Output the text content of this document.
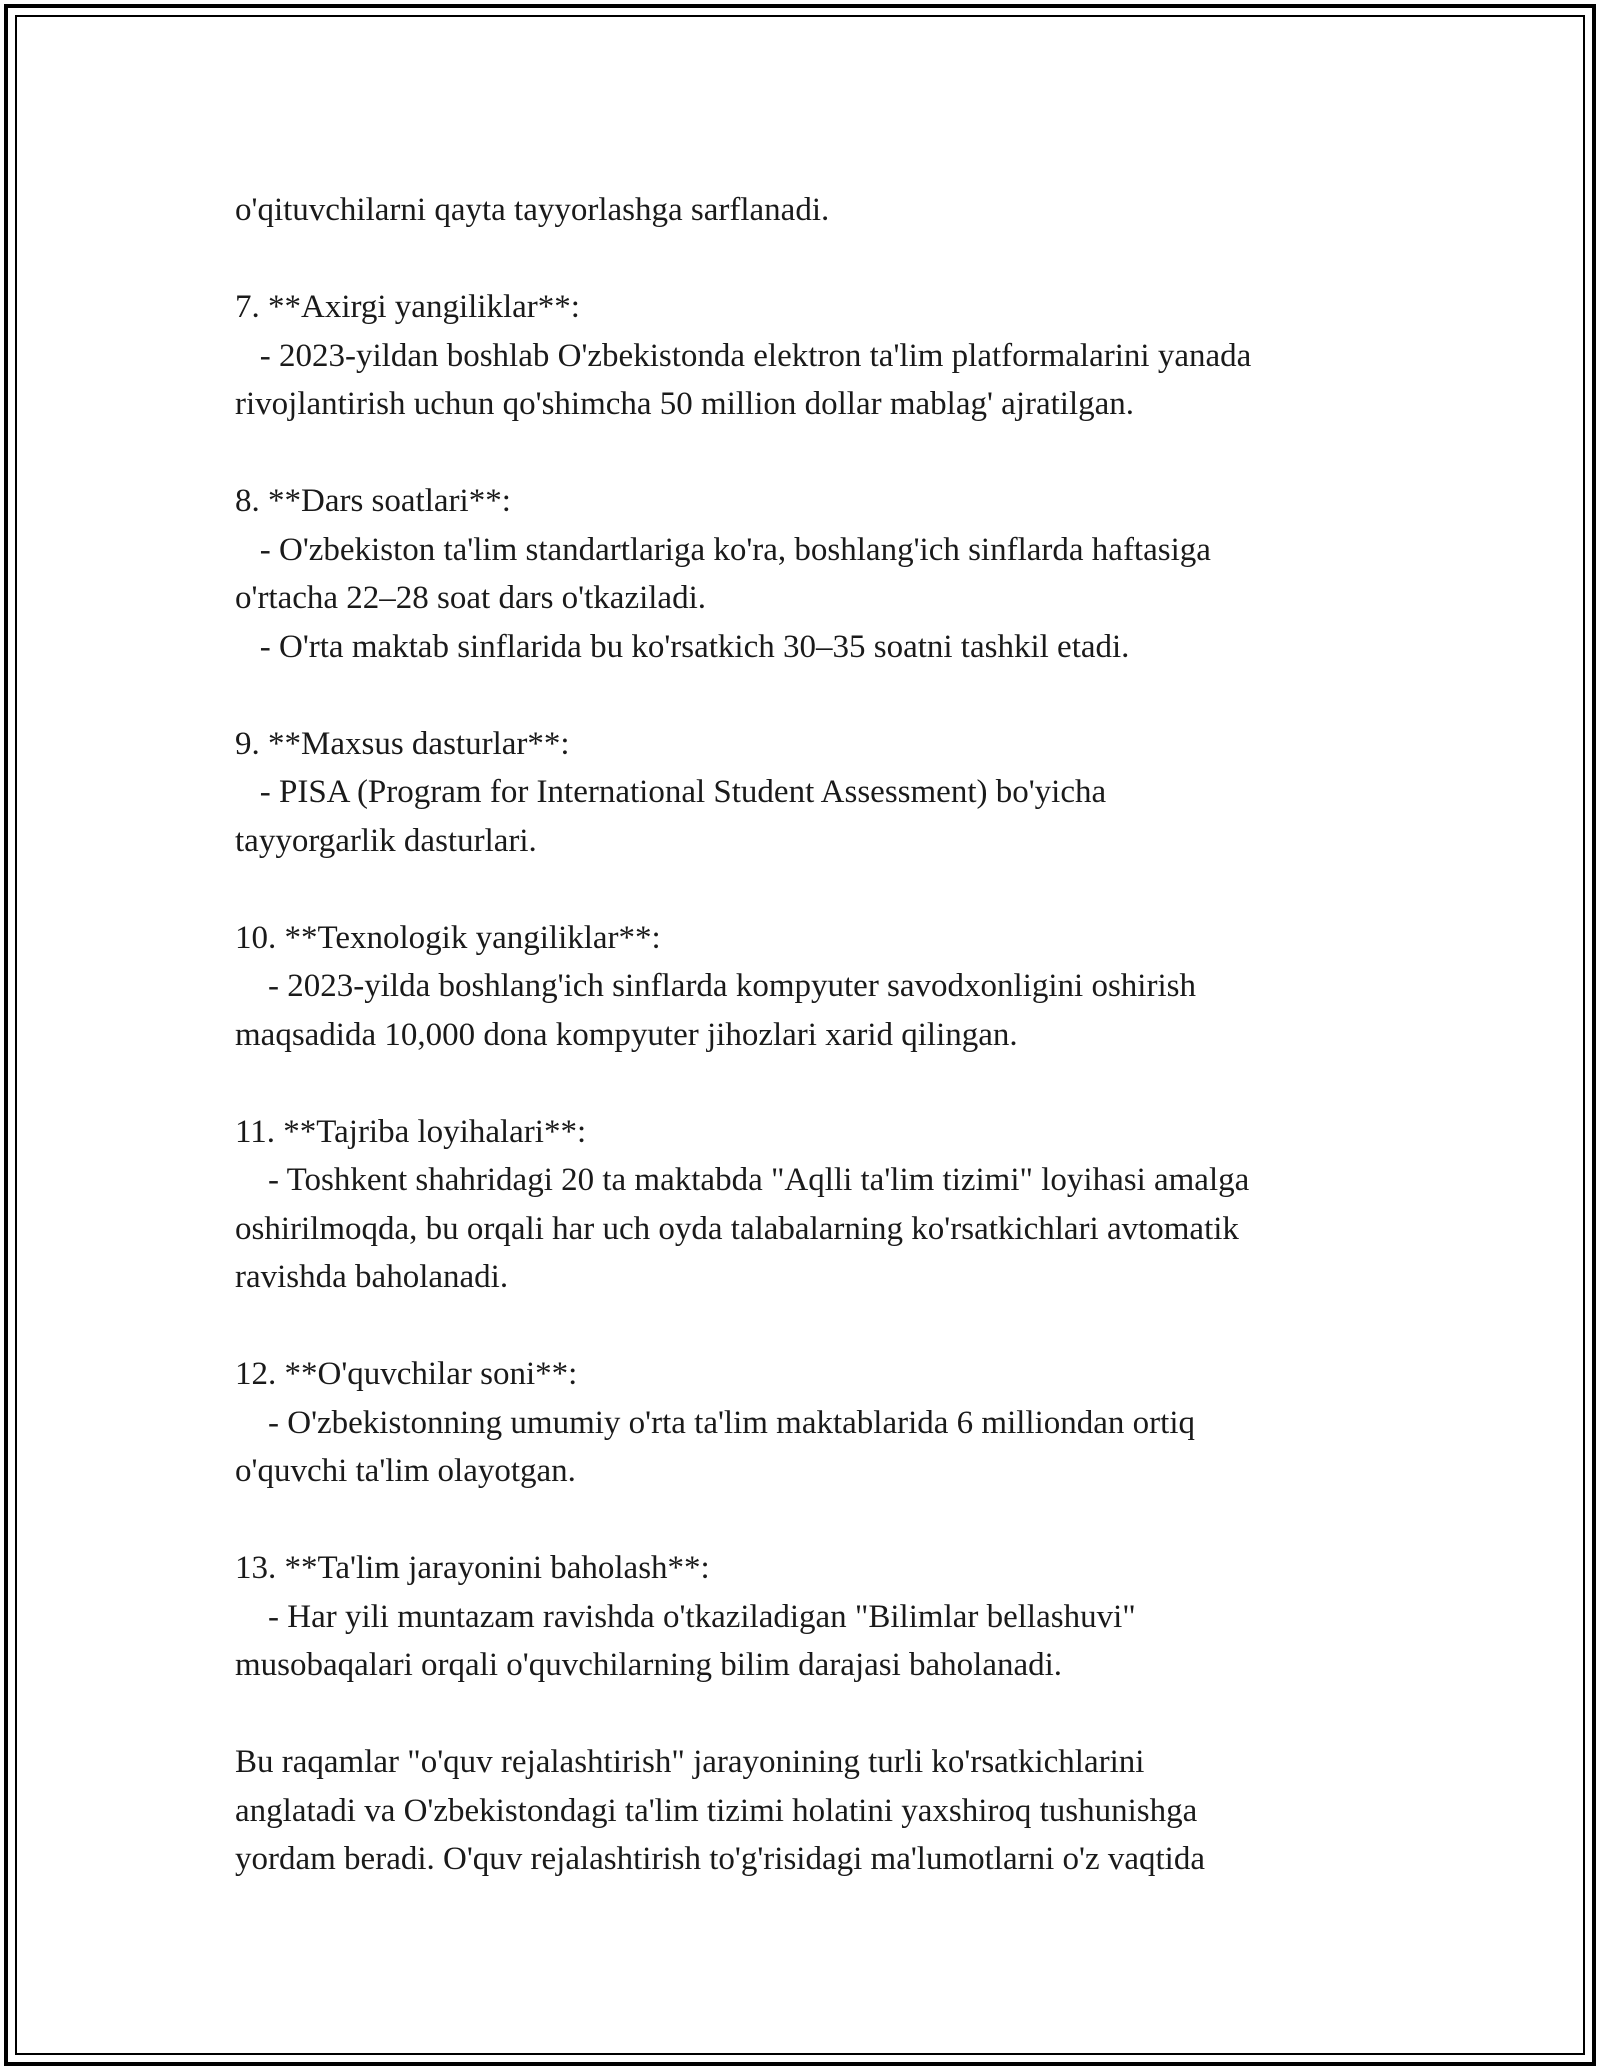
o'qituvchilarni qayta tayyorlashga sarflanadi.
7. **Axirgi yangiliklar**:
- 2023-yildan boshlab O'zbekistonda elektron ta'lim platformalarini yanada
rivojlantirish uchun qo'shimcha 50 million dollar mablag' ajratilgan.
8. **Dars soatlari**:
- O'zbekiston ta'lim standartlariga ko'ra, boshlang'ich sinflarda haftasiga
o'rtacha 22–28 soat dars o'tkaziladi.
- O'rta maktab sinflarida bu ko'rsatkich 30–35 soatni tashkil etadi.
9. **Maxsus dasturlar**:
- PISA (Program for International Student Assessment) bo'yicha
tayyorgarlik dasturlari.
10. **Texnologik yangiliklar**:
- 2023-yilda boshlang'ich sinflarda kompyuter savodxonligini oshirish
maqsadida 10,000 dona kompyuter jihozlari xarid qilingan.
11. **Tajriba loyihalari**:
- Toshkent shahridagi 20 ta maktabda "Aqlli ta'lim tizimi" loyihasi amalga
oshirilmoqda, bu orqali har uch oyda talabalarning ko'rsatkichlari avtomatik
ravishda baholanadi.
12. **O'quvchilar soni**:
- O'zbekistonning umumiy o'rta ta'lim maktablarida 6 milliondan ortiq
o'quvchi ta'lim olayotgan.
13. **Ta'lim jarayonini baholash**:
- Har yili muntazam ravishda o'tkaziladigan "Bilimlar bellashuvi"
musobaqalari orqali o'quvchilarning bilim darajasi baholanadi.
Bu raqamlar "o'quv rejalashtirish" jarayonining turli ko'rsatkichlarini
anglatadi va O'zbekistondagi ta'lim tizimi holatini yaxshiroq tushunishga
yordam beradi. O'quv rejalashtirish to'g'risidagi ma'lumotlarni o'z vaqtida
